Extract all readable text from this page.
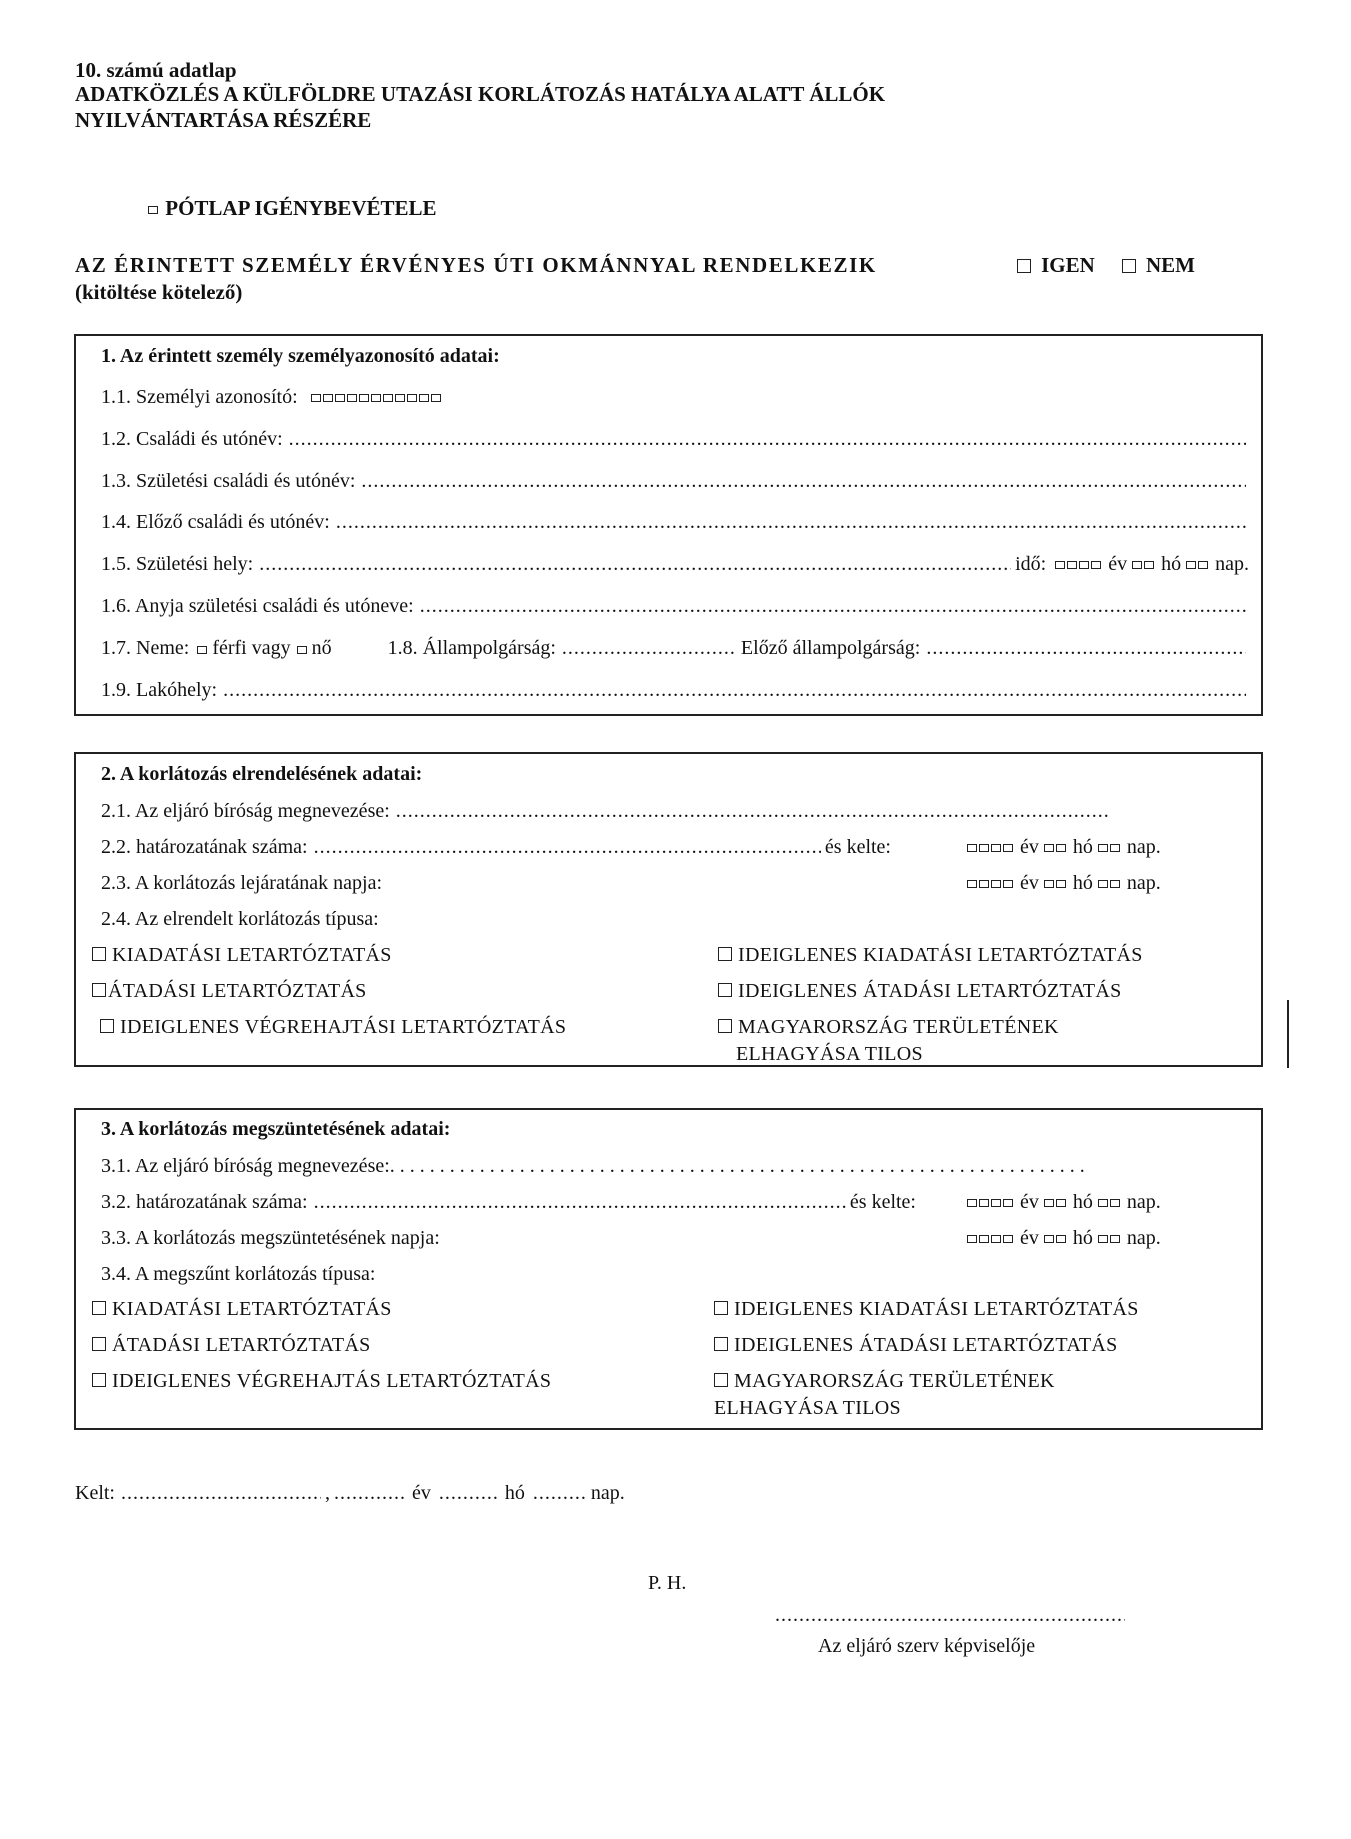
10. számú adatlap
ADATKÖZLÉS A KÜLFÖLDRE UTAZÁSI KORLÁTOZÁS HATÁLYA ALATT ÁLLÓK
NYILVÁNTARTÁSA RÉSZÉRE
PÓTLAP IGÉNYBEVÉTELE
AZ ÉRINTETT SZEMÉLY ÉRVÉNYES ÚTI OKMÁNNYAL RENDELKEZIK	IGEN NEM
(kitöltése kötelező)
1. Az érintett személy személyazonosító adatai:
1.1. Személyi azonosító:
1.2. Családi és utónév:
.....
1.3. Születési családi és utónév:
.....
1.4. Előző családi és utónév:
.....
1.5. Születési hely: .....	idő:	év hó nap.
1.6. Anyja születési családi és utóneve:
.....
1.7. Neme: férfi vagy nő	1.8. Állampolgárság: .....	Előző állampolgárság:
.....
1.9. Lakóhely:
.....
2. A korlátozás elrendelésének adatai:
2.1. Az eljáró bíróság megnevezése:
.....
2.2. határozatának száma: .....	és kelte:	év hó nap.
2.3. A korlátozás lejáratának napja:	év hó nap.
2.4. Az elrendelt korlátozás típusa:
KIADATÁSI LETARTÓZTATÁS	IDEIGLENES KIADATÁSI LETARTÓZTATÁS
ÁTADÁSI LETARTÓZTATÁS	IDEIGLENES ÁTADÁSI LETARTÓZTATÁS
IDEIGLENES VÉGREHAJTÁSI LETARTÓZTATÁS	MAGYARORSZÁG TERÜLETÉNEK
ELHAGYÁSA TILOS
3. A korlátozás megszüntetésének adatai:
3.1. Az eljáró bíróság megnevezése:
.....
3.2. határozatának száma: .....	és kelte:	év hó nap.
3.3. A korlátozás megszüntetésének napja:	év hó nap.
3.4. A megszűnt korlátozás típusa:
KIADATÁSI LETARTÓZTATÁS	IDEIGLENES KIADATÁSI LETARTÓZTATÁS
ÁTADÁSI LETARTÓZTATÁS	IDEIGLENES ÁTADÁSI LETARTÓZTATÁS
IDEIGLENES VÉGREHAJTÁS LETARTÓZTATÁS	MAGYARORSZÁG TERÜLETÉNEK
ELHAGYÁSA TILOS
Kelt: .....	, .....	év .....	hó .....	nap.
P. H.
.....
Az eljáró szerv képviselője
